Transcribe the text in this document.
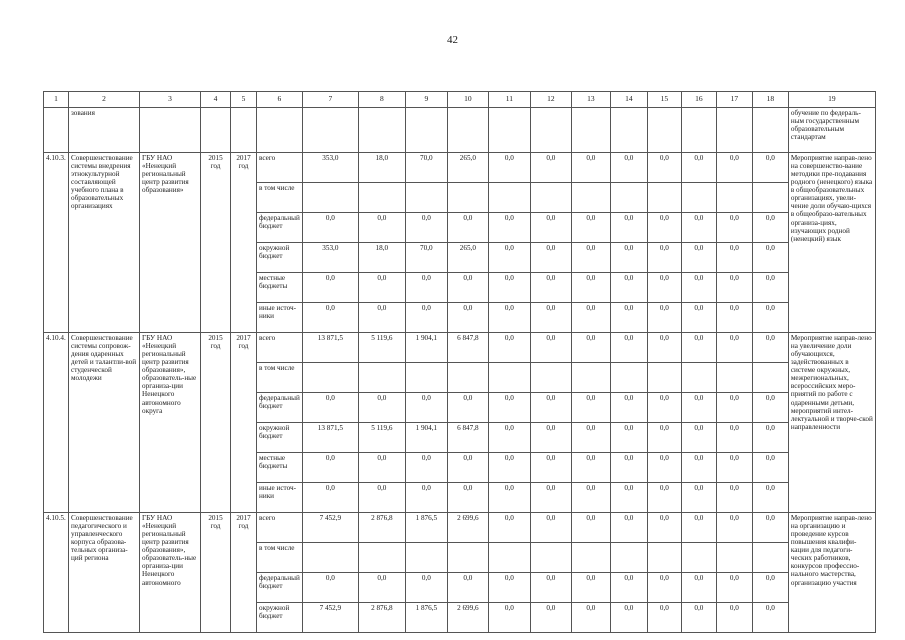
42
1	2	3	4	5	6	7	8	9	10	11	12	13	14	15	16	17	18	19
	зования																	обучение по федераль-ным государственным образовательным стандартам
4.10.3.	Совершенствование системы внедрения этнокультурной составляющей учебного плана в образовательных организациях	ГБУ НАО «Ненецкий региональный центр развития образования»	2015 год	2017 год	всего	353,0	18,0	70,0	265,0	0,0	0,0	0,0	0,0	0,0	0,0	0,0	0,0	Мероприятие направ-лено на совершенство-вание методики пре-подавания родного (ненецкого) языка в общеобразовательных организациях, увели-чение доли обучаю-щихся в общеобразо-вательных организа-циях, изучающих родной (ненецкий) язык
					в том числе													
					федеральный бюджет	0,0	0,0	0,0	0,0	0,0	0,0	0,0	0,0	0,0	0,0	0,0	0,0	
					окружной бюджет	353,0	18,0	70,0	265,0	0,0	0,0	0,0	0,0	0,0	0,0	0,0	0,0	
					местные бюджеты	0,0	0,0	0,0	0,0	0,0	0,0	0,0	0,0	0,0	0,0	0,0	0,0	
					иные источ-ники	0,0	0,0	0,0	0,0	0,0	0,0	0,0	0,0	0,0	0,0	0,0	0,0	
4.10.4.	Совершенствование системы сопровож-дения одаренных детей и талантли-вой студенческой молодежи	ГБУ НАО «Ненецкий региональный центр развития образования», образователь-ные организа-ции Ненецкого автономного округа	2015 год	2017 год	всего	13 871,5	5 119,6	1 904,1	6 847,8	0,0	0,0	0,0	0,0	0,0	0,0	0,0	0,0	Мероприятие направ-лено на увеличение доли обучающихся, задействованных в системе окружных, межрегиональных, всероссийских меро-приятий по работе с одаренными детьми, мероприятий интел-лектуальной и творче-ской направленности
					в том числе													
					федеральный бюджет	0,0	0,0	0,0	0,0	0,0	0,0	0,0	0,0	0,0	0,0	0,0	0,0	
					окружной бюджет	13 871,5	5 119,6	1 904,1	6 847,8	0,0	0,0	0,0	0,0	0,0	0,0	0,0	0,0	
					местные бюджеты	0,0	0,0	0,0	0,0	0,0	0,0	0,0	0,0	0,0	0,0	0,0	0,0	
					иные источ-ники	0,0	0,0	0,0	0,0	0,0	0,0	0,0	0,0	0,0	0,0	0,0	0,0	
4.10.5.	Совершенствование педагогического и управленческого корпуса образова-тельных организа-ций региона	ГБУ НАО «Ненецкий региональный центр развития образования», образователь-ные организа-ции Ненецкого автономного	2015 год	2017 год	всего	7 452,9	2 876,8	1 876,5	2 699,6	0,0	0,0	0,0	0,0	0,0	0,0	0,0	0,0	Мероприятие направ-лено на организацию и проведение курсов повышения квалифи-кации для педагоги-ческих работников, конкурсов профессио-нального мастерства, организацию участия
					в том числе													
					федеральный бюджет	0,0	0,0	0,0	0,0	0,0	0,0	0,0	0,0	0,0	0,0	0,0	0,0	
					окружной бюджет	7 452,9	2 876,8	1 876,5	2 699,6	0,0	0,0	0,0	0,0	0,0	0,0	0,0	0,0	
